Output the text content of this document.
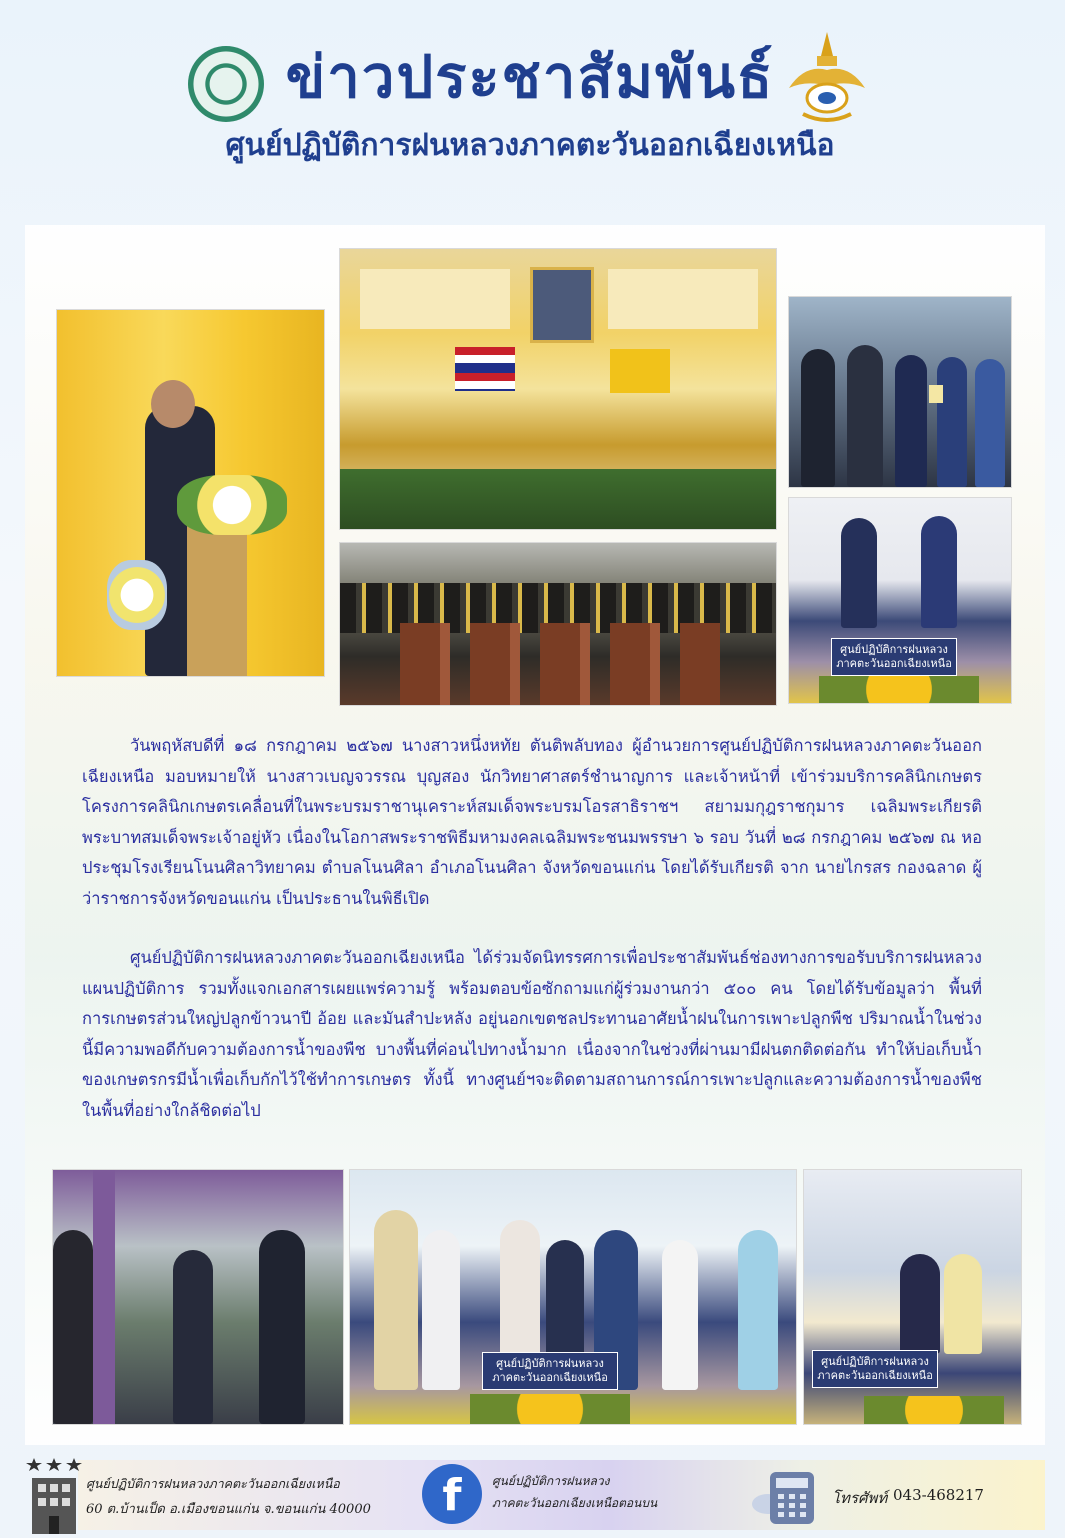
ข่าวประชาสัมพันธ์
ศูนย์ปฏิบัติการฝนหลวงภาคตะวันออกเฉียงเหนือ
ศูนย์ปฏิบัติการฝนหลวง
ภาคตะวันออกเฉียงเหนือ
วันพฤหัสบดีที่ ๑๘ กรกฎาคม ๒๕๖๗ นางสาวหนึ่งหทัย ตันติพลับทอง ผู้อำนวยการศูนย์ปฏิบัติการฝนหลวงภาคตะวันออกเฉียงเหนือ มอบหมายให้ นางสาวเบญจวรรณ บุญสอง นักวิทยาศาสตร์ชำนาญการ และเจ้าหน้าที่ เข้าร่วมบริการคลินิกเกษตร โครงการคลินิกเกษตรเคลื่อนที่ในพระบรมราชานุเคราะห์สมเด็จพระบรมโอรสาธิราชฯ สยามมกุฎราชกุมาร เฉลิมพระเกียรติพระบาทสมเด็จพระเจ้าอยู่หัว เนื่องในโอกาสพระราชพิธีมหามงคลเฉลิมพระชนมพรรษา ๖ รอบ วันที่ ๒๘ กรกฎาคม ๒๕๖๗ ณ หอประชุมโรงเรียนโนนศิลาวิทยาคม ตำบลโนนศิลา อำเภอโนนศิลา จังหวัดขอนแก่น โดยได้รับเกียรติ จาก นายไกรสร กองฉลาด ผู้ว่าราชการจังหวัดขอนแก่น เป็นประธานในพิธีเปิด
ศูนย์ปฏิบัติการฝนหลวงภาคตะวันออกเฉียงเหนือ ได้ร่วมจัดนิทรรศการเพื่อประชาสัมพันธ์ช่องทางการขอรับบริการฝนหลวง แผนปฏิบัติการ รวมทั้งแจกเอกสารเผยแพร่ความรู้ พร้อมตอบข้อซักถามแก่ผู้ร่วมงานกว่า ๕๐๐ คน โดยได้รับข้อมูลว่า พื้นที่การเกษตรส่วนใหญ่ปลูกข้าวนาปี อ้อย และมันสำปะหลัง อยู่นอกเขตชลประทานอาศัยน้ำฝนในการเพาะปลูกพืช ปริมาณน้ำในช่วงนี้มีความพอดีกับความต้องการน้ำของพืช บางพื้นที่ค่อนไปทางน้ำมาก เนื่องจากในช่วงที่ผ่านมามีฝนตกติดต่อกัน ทำให้บ่อเก็บน้ำของเกษตรกรมีน้ำเพื่อเก็บกักไว้ใช้ทำการเกษตร ทั้งนี้ ทางศูนย์ฯจะติดตามสถานการณ์การเพาะปลูกและความต้องการน้ำของพืชในพื้นที่อย่างใกล้ชิดต่อไป
ศูนย์ปฏิบัติการฝนหลวง
ภาคตะวันออกเฉียงเหนือ
ศูนย์ปฏิบัติการฝนหลวง
ภาคตะวันออกเฉียงเหนือ
ศูนย์ปฏิบัติการฝนหลวงภาคตะวันออกเฉียงเหนือ
60 ต.บ้านเป็ด อ.เมืองขอนแก่น จ.ขอนแก่น 40000	f	ศูนย์ปฏิบัติการฝนหลวง
ภาคตะวันออกเฉียงเหนือตอนบน	โทรศัพท์ 043-468217
